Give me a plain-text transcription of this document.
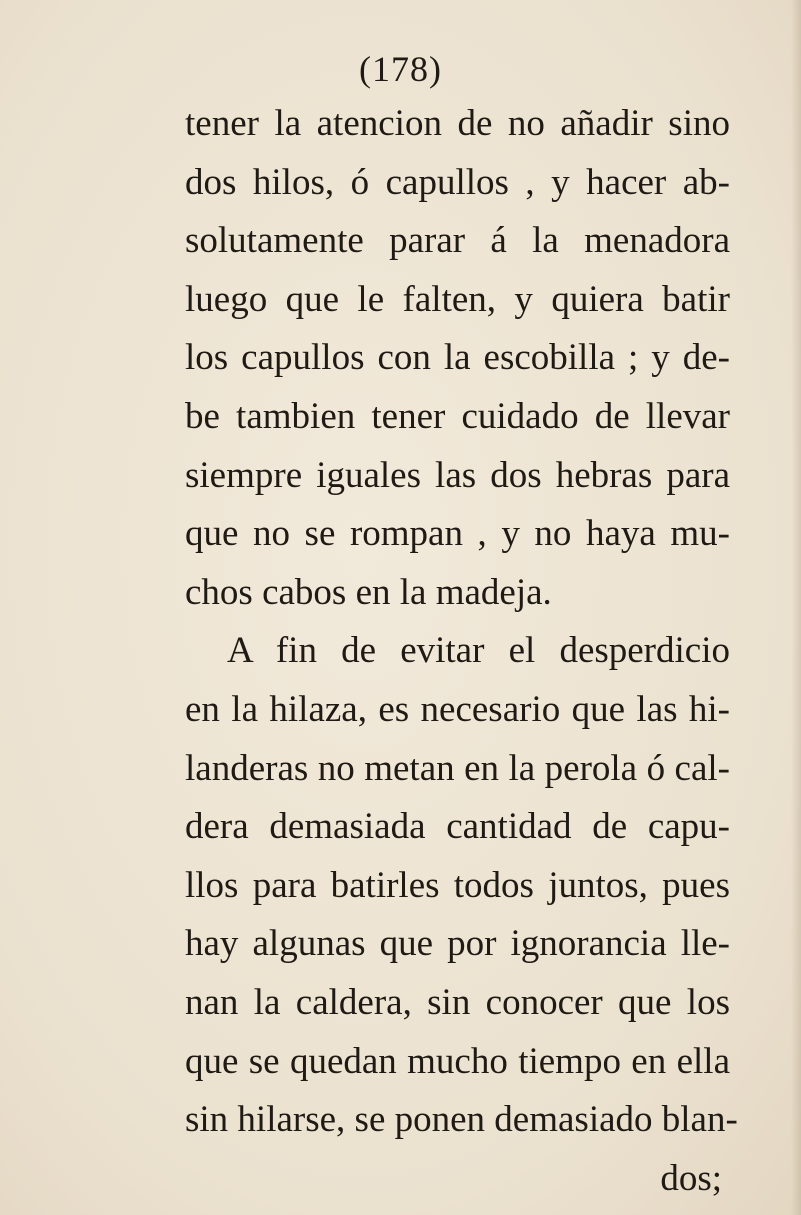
(178)
tener la atencion de no añadir sino
dos hilos, ó capullos , y hacer ab-
solutamente parar á la menadora
luego que le falten, y quiera batir
los capullos con la escobilla ; y de-
be tambien tener cuidado de llevar
siempre iguales las dos hebras para
que no se rompan , y no haya mu-
chos cabos en la madeja.
A fin de evitar el desperdicio
en la hilaza, es necesario que las hi-
landeras no metan en la perola ó cal-
dera demasiada cantidad de capu-
llos para batirles todos juntos, pues
hay algunas que por ignorancia lle-
nan la caldera, sin conocer que los
que se quedan mucho tiempo en ella
sin hilarse, se ponen demasiado blan-
dos;
